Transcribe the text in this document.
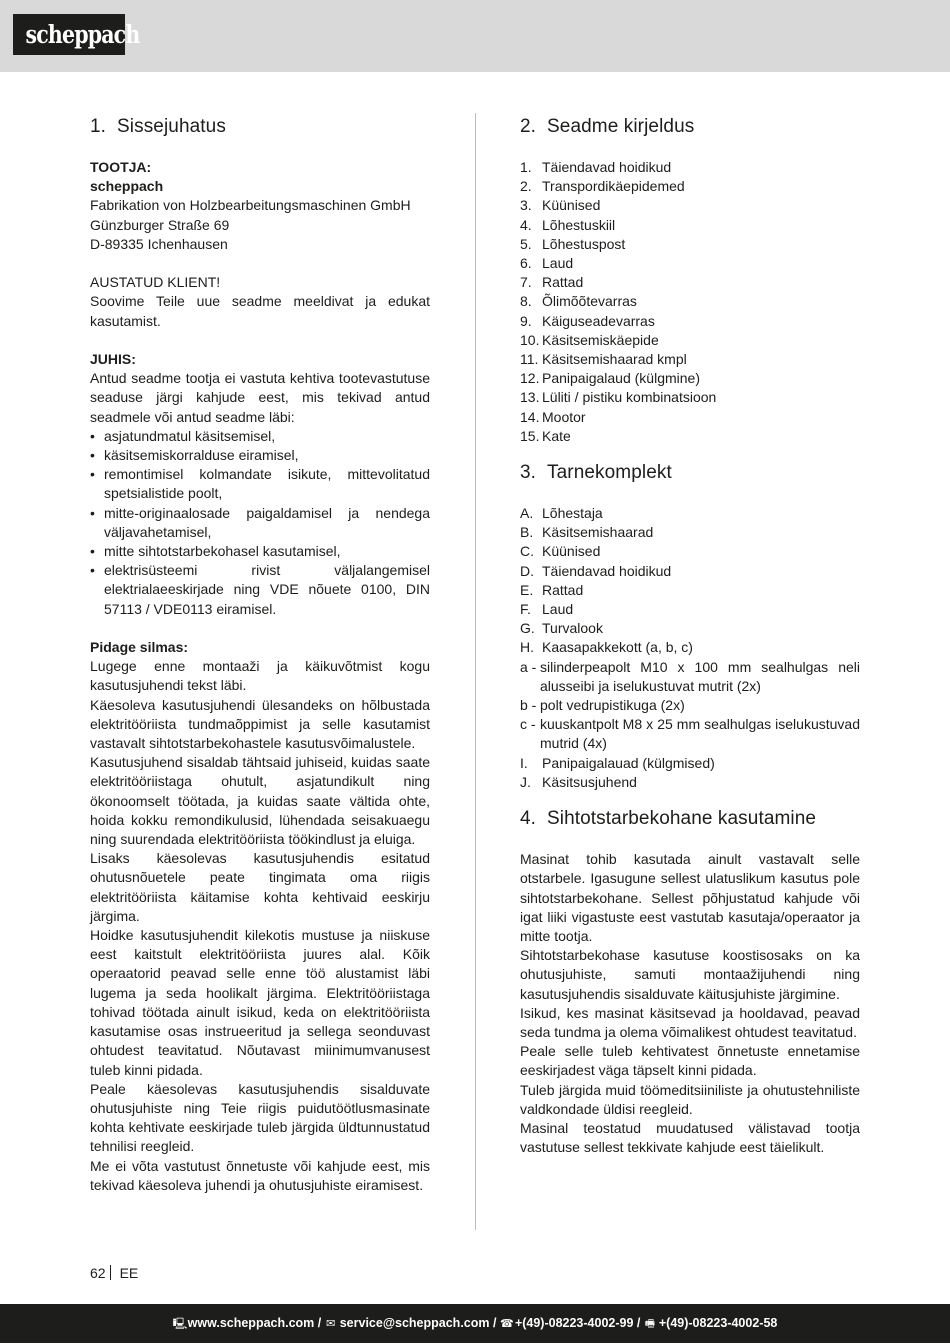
scheppach
1. Sissejuhatus

TOOTJA:

scheppach

Fabrikation von Holzbearbeitungsmaschinen GmbH

Günzburger Straße 69

D-89335 Ichenhausen

AUSTATUD KLIENT!

Soovime Teile uue seadme meeldivat ja edukat kasutamist.

JUHIS:

Antud seadme tootja ei vastuta kehtiva tootevastutuse seaduse järgi kahjude eest, mis tekivad antud seadmele või antud seadme läbi:

• asjatundmatul käsitsemisel,
• käsitsemiskorralduse eiramisel,
• remontimisel kolmandate isikute, mittevolitatud spetsialistide poolt,
• mitte-originaalosade paigaldamisel ja nendega väljavahetamisel,
• mitte sihtotstarbekohasel kasutamisel,
• elektrisüsteemi rivist väljalangemisel elektrialaeeskirjade ning VDE nõuete 0100, DIN 57113 / VDE0113 eiramisel.

Pidage silmas:

Lugege enne montaaži ja käikuvõtmist kogu kasutusjuhendi tekst läbi.

Käesoleva kasutusjuhendi ülesandeks on hõlbustada elektritööriista tundmaõppimist ja selle kasutamist vastavalt sihtotstarbekohastele kasutusvõimalustele.

Kasutusjuhend sisaldab tähtsaid juhiseid, kuidas saate elektritööriistaga ohutult, asjatundikult ning ökonoomselt töötada, ja kuidas saate vältida ohte, hoida kokku remondikulusid, lühendada seisakuaegu ning suurendada elektritööriista töökindlust ja eluiga.

Lisaks käesolevas kasutusjuhendis esitatud ohutusnõuetele peate tingimata oma riigis elektritööriista käitamise kohta kehtivaid eeskirju järgima.

Hoidke kasutusjuhendit kilekotis mustuse ja niiskuse eest kaitstult elektritööriista juures alal. Kõik operaatorid peavad selle enne töö alustamist läbi lugema ja seda hoolikalt järgima. Elektritööriistaga tohivad töötada ainult isikud, keda on elektritööriista kasutamise osas instrueeritud ja sellega seonduvast ohtudest teavitatud. Nõutavast miinimumvanusest tuleb kinni pidada.

Peale käesolevas kasutusjuhendis sisalduvate ohutusjuhiste ning Teie riigis puidutöötlusmasinate kohta kehtivate eeskirjade tuleb järgida üldtunnustatud tehnilisi reegleid.

Me ei võta vastutust õnnetuste või kahjude eest, mis tekivad käesoleva juhendi ja ohutusjuhiste eiramisest.

2. Seadme kirjeldus
1. Täiendavad hoidikud
2. Transpordikäepidemed
3. Küünised
4. Lõhestuskiil
5. Lõhestuspost
6. Laud
7. Rattad
8. Õlimõõtevarras
9. Käiguseadevarras
10. Käsitsemiskäepide
11. Käsitsemishaarad kmpl
12. Panipaigalaud (külgmine)
13. Lüliti / pistiku kombinatsioon
14. Mootor
15. Kate
3. Tarnekomplekt
A. Lõhestaja
B. Käsitsemishaarad
C. Küünised
D. Täiendavad hoidikud
E. Rattad
F. Laud
G. Turvalook
H. Kaasapakkekott (a, b, c)
a - silinderpeapolt M10 x 100 mm sealhulgas neli alusseibi ja iselukustuvat mutrit (2x)
b - polt vedrupistikuga (2x)
c - kuuskantpolt M8 x 25 mm sealhulgas iselukustuvad mutrid (4x)
I. Panipaigalauad (külgmised)
J. Käsitsusjuhend
4. Sihtotstarbekohane kasutamine

Masinat tohib kasutada ainult vastavalt selle otstarbele. Igasugune sellest ulatuslikum kasutus pole sihtotstarbekohane. Sellest põhjustatud kahjude või igat liiki vigastuste eest vastutab kasutaja/operaator ja mitte tootja.

Sihtotstarbekohase kasutuse koostisosaks on ka ohutusjuhiste, samuti montaažijuhendi ning kasutusjuhendis sisalduvate käitusjuhiste järgimine.

Isikud, kes masinat käsitsevad ja hooldavad, peavad seda tundma ja olema võimalikest ohtudest teavitatud.

Peale selle tuleb kehtivatest õnnetuste ennetamise eeskirjadest väga täpselt kinni pidada.

Tuleb järgida muid töömeditsiiniliste ja ohutustehniliste valdkondade üldisi reegleid.

Masinal teostatud muudatused välistavad tootja vastutuse sellest tekkivate kahjude eest täielikult.

62 EE
🖳︎www.scheppach.com / ✉︎ service@scheppach.com / ☎︎+(49)-08223-4002-99 / 🖷︎ +(49)-08223-4002-58
